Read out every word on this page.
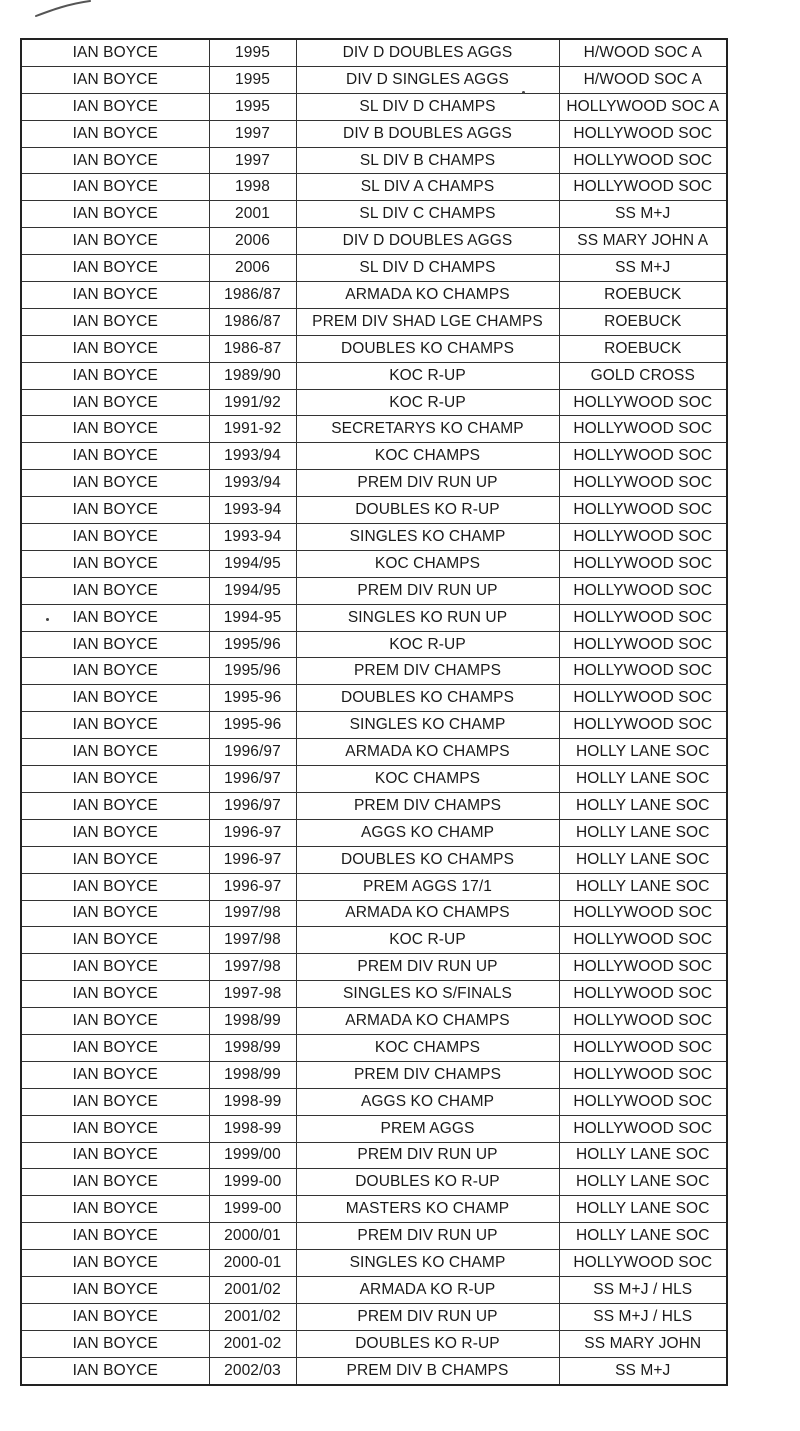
IAN BOYCE	1995	DIV D DOUBLES AGGS	H/WOOD SOC A
IAN BOYCE	1995	DIV D SINGLES AGGS	H/WOOD SOC A
IAN BOYCE	1995	SL DIV D CHAMPS	HOLLYWOOD SOC A
IAN BOYCE	1997	DIV B DOUBLES AGGS	HOLLYWOOD SOC
IAN BOYCE	1997	SL DIV B CHAMPS	HOLLYWOOD SOC
IAN BOYCE	1998	SL DIV A CHAMPS	HOLLYWOOD SOC
IAN BOYCE	2001	SL DIV C CHAMPS	SS M+J
IAN BOYCE	2006	DIV D DOUBLES AGGS	SS MARY JOHN A
IAN BOYCE	2006	SL DIV D CHAMPS	SS M+J
IAN BOYCE	1986/87	ARMADA KO CHAMPS	ROEBUCK
IAN BOYCE	1986/87	PREM DIV SHAD LGE CHAMPS	ROEBUCK
IAN BOYCE	1986-87	DOUBLES KO CHAMPS	ROEBUCK
IAN BOYCE	1989/90	KOC R-UP	GOLD CROSS
IAN BOYCE	1991/92	KOC R-UP	HOLLYWOOD SOC
IAN BOYCE	1991-92	SECRETARYS KO CHAMP	HOLLYWOOD SOC
IAN BOYCE	1993/94	KOC CHAMPS	HOLLYWOOD SOC
IAN BOYCE	1993/94	PREM DIV RUN UP	HOLLYWOOD SOC
IAN BOYCE	1993-94	DOUBLES KO R-UP	HOLLYWOOD SOC
IAN BOYCE	1993-94	SINGLES KO CHAMP	HOLLYWOOD SOC
IAN BOYCE	1994/95	KOC CHAMPS	HOLLYWOOD SOC
IAN BOYCE	1994/95	PREM DIV RUN UP	HOLLYWOOD SOC
IAN BOYCE	1994-95	SINGLES KO RUN UP	HOLLYWOOD SOC
IAN BOYCE	1995/96	KOC R-UP	HOLLYWOOD SOC
IAN BOYCE	1995/96	PREM DIV CHAMPS	HOLLYWOOD SOC
IAN BOYCE	1995-96	DOUBLES KO CHAMPS	HOLLYWOOD SOC
IAN BOYCE	1995-96	SINGLES KO CHAMP	HOLLYWOOD SOC
IAN BOYCE	1996/97	ARMADA KO CHAMPS	HOLLY LANE SOC
IAN BOYCE	1996/97	KOC CHAMPS	HOLLY LANE SOC
IAN BOYCE	1996/97	PREM DIV CHAMPS	HOLLY LANE SOC
IAN BOYCE	1996-97	AGGS KO CHAMP	HOLLY LANE SOC
IAN BOYCE	1996-97	DOUBLES KO CHAMPS	HOLLY LANE SOC
IAN BOYCE	1996-97	PREM AGGS 17/1	HOLLY LANE SOC
IAN BOYCE	1997/98	ARMADA KO CHAMPS	HOLLYWOOD SOC
IAN BOYCE	1997/98	KOC R-UP	HOLLYWOOD SOC
IAN BOYCE	1997/98	PREM DIV RUN UP	HOLLYWOOD SOC
IAN BOYCE	1997-98	SINGLES KO S/FINALS	HOLLYWOOD SOC
IAN BOYCE	1998/99	ARMADA KO CHAMPS	HOLLYWOOD SOC
IAN BOYCE	1998/99	KOC CHAMPS	HOLLYWOOD SOC
IAN BOYCE	1998/99	PREM DIV CHAMPS	HOLLYWOOD SOC
IAN BOYCE	1998-99	AGGS KO CHAMP	HOLLYWOOD SOC
IAN BOYCE	1998-99	PREM AGGS	HOLLYWOOD SOC
IAN BOYCE	1999/00	PREM DIV RUN UP	HOLLY LANE SOC
IAN BOYCE	1999-00	DOUBLES KO R-UP	HOLLY LANE SOC
IAN BOYCE	1999-00	MASTERS KO CHAMP	HOLLY LANE SOC
IAN BOYCE	2000/01	PREM DIV RUN UP	HOLLY LANE SOC
IAN BOYCE	2000-01	SINGLES KO CHAMP	HOLLYWOOD SOC
IAN BOYCE	2001/02	ARMADA KO R-UP	SS M+J / HLS
IAN BOYCE	2001/02	PREM DIV RUN UP	SS M+J / HLS
IAN BOYCE	2001-02	DOUBLES KO R-UP	SS MARY JOHN
IAN BOYCE	2002/03	PREM DIV B CHAMPS	SS M+J
